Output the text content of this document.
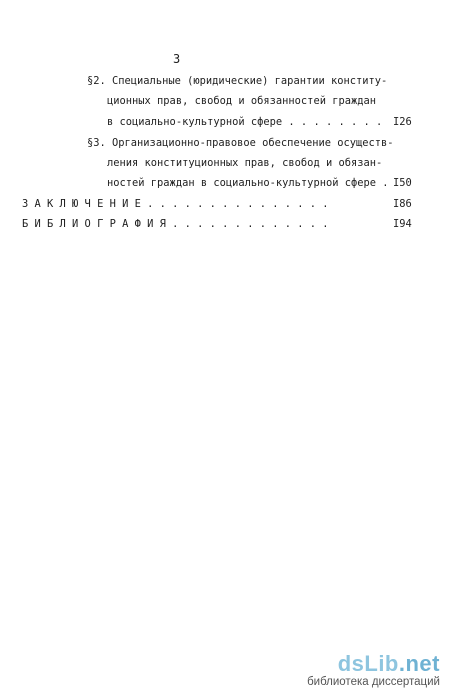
3
§2. Специальные (юридические) гарантии конститу-
ционных прав, свобод и обязанностей граждан
в социально-культурной сфере . . . . . . . . I26
§3. Организационно-правовое обеспечение осуществ-
ления конституционных прав, свобод и обязан-
ностей граждан в социально-культурной сфере . I50
З А К Л Ю Ч Е Н И Е . . . . . . . . . . . . . . .	I86
Б И Б Л И О Г Р А Ф И Я . . . . . . . . . . . . .	I94
dsLib.net
библиотека диссертаций
